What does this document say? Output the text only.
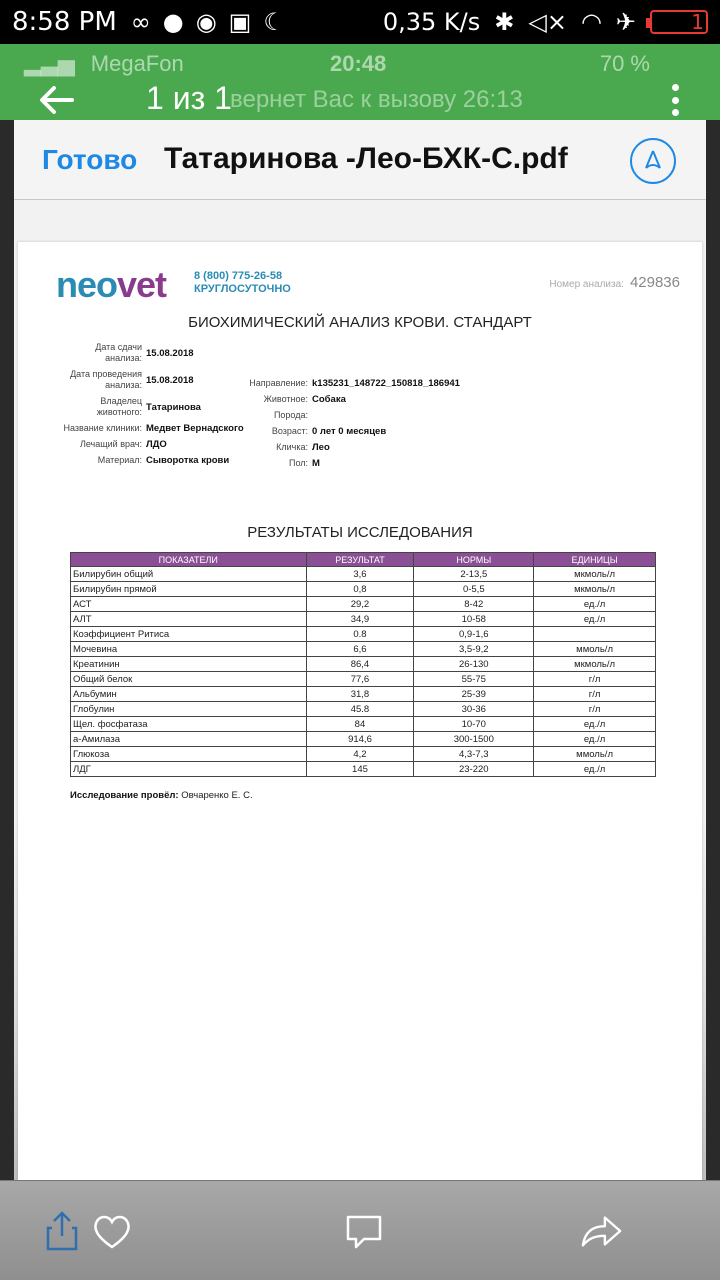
8:58 PM ∞ ● ◉ ▣ ☾	0,35 K/s ✱ ◁× ◠ ✈	1
▂▃▅ MegaFon	20:48	70 %
вернет Вас к вызову 26:13
1 из 1
Готово Татаринова -Лео-БХК-С.pdf
neovet	8 (800) 775-26-58
КРУГЛОСУТОЧНО	Номер анализа: 429836
БИОХИМИЧЕСКИЙ АНАЛИЗ КРОВИ. СТАНДАРТ
Дата сдачи анализа: 15.08.2018
Дата проведения анализа: 15.08.2018
Владелец животного: Татаринова
Название клиники: Медвет Вернадского
Лечащий врач: ЛДО
Материал: Сыворотка крови
Направление: k135231_148722_150818_186941
Животное: Собака
Порода:
Возраст: 0 лет 0 месяцев
Кличка: Лео
Пол: М
РЕЗУЛЬТАТЫ ИССЛЕДОВАНИЯ
ПОКАЗАТЕЛИ	РЕЗУЛЬТАТ	НОРМЫ	ЕДИНИЦЫ
Билирубин общий	3,6	2-13,5	мкмоль/л
Билирубин прямой	0,8	0-5,5	мкмоль/л
АСТ	29,2	8-42	ед./л
АЛТ	34,9	10-58	ед./л
Коэффициент Ритиса	0.8	0,9-1,6	
Мочевина	6,6	3,5-9,2	ммоль/л
Креатинин	86,4	26-130	мкмоль/л
Общий белок	77,6	55-75	г/л
Альбумин	31,8	25-39	г/л
Глобулин	45.8	30-36	г/л
Щел. фосфатаза	84	10-70	ед./л
а-Амилаза	914,6	300-1500	ед./л
Глюкоза	4,2	4,3-7,3	ммоль/л
ЛДГ	145	23-220	ед./л
Исследование провёл: Овчаренко Е. С.
